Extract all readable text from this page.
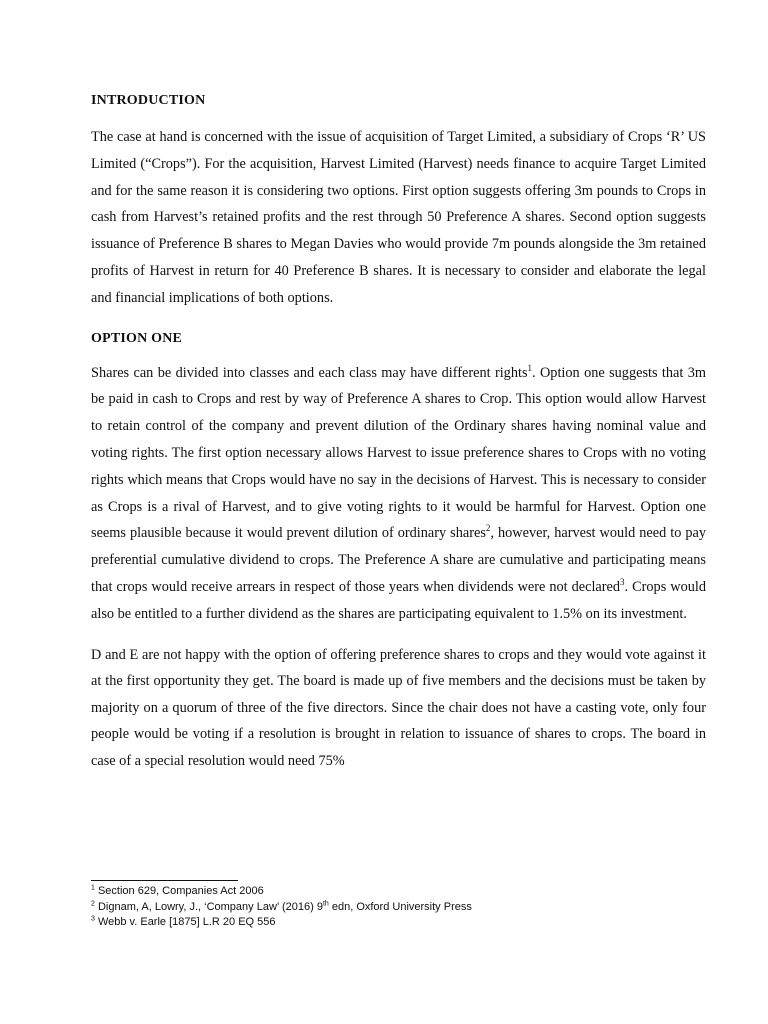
INTRODUCTION

The case at hand is concerned with the issue of acquisition of Target Limited, a subsidiary of Crops ‘R’ US Limited (“Crops”). For the acquisition, Harvest Limited (Harvest) needs finance to acquire Target Limited and for the same reason it is considering two options. First option suggests offering 3m pounds to Crops in cash from Harvest’s retained profits and the rest through 50 Preference A shares. Second option suggests issuance of Preference B shares to Megan Davies who would provide 7m pounds alongside the 3m retained profits of Harvest in return for 40 Preference B shares. It is necessary to consider and elaborate the legal and financial implications of both options.

OPTION ONE

Shares can be divided into classes and each class may have different rights$^1$. Option one suggests that 3m be paid in cash to Crops and rest by way of Preference A shares to Crop. This option would allow Harvest to retain control of the company and prevent dilution of the Ordinary shares having nominal value and voting rights. The first option necessary allows Harvest to issue preference shares to Crops with no voting rights which means that Crops would have no say in the decisions of Harvest. This is necessary to consider as Crops is a rival of Harvest, and to give voting rights to it would be harmful for Harvest. Option one seems plausible because it would prevent dilution of ordinary shares$^2$, however, harvest would need to pay preferential cumulative dividend to crops. The Preference A share are cumulative and participating means that crops would receive arrears in respect of those years when dividends were not declared$^3$. Crops would also be entitled to a further dividend as the shares are participating equivalent to 1.5% on its investment.

D and E are not happy with the option of offering preference shares to crops and they would vote against it at the first opportunity they get. The board is made up of five members and the decisions must be taken by majority on a quorum of three of the five directors. Since the chair does not have a casting vote, only four people would be voting if a resolution is brought in relation to issuance of shares to crops. The board in case of a special resolution would need 75%

$^1$ Section 629, Companies Act 2006
$^2$ Dignam, A, Lowry, J., ‘Company Law’ (2016) 9th edn, Oxford University Press
$^3$ Webb v. Earle [1875] L.R 20 EQ 556
